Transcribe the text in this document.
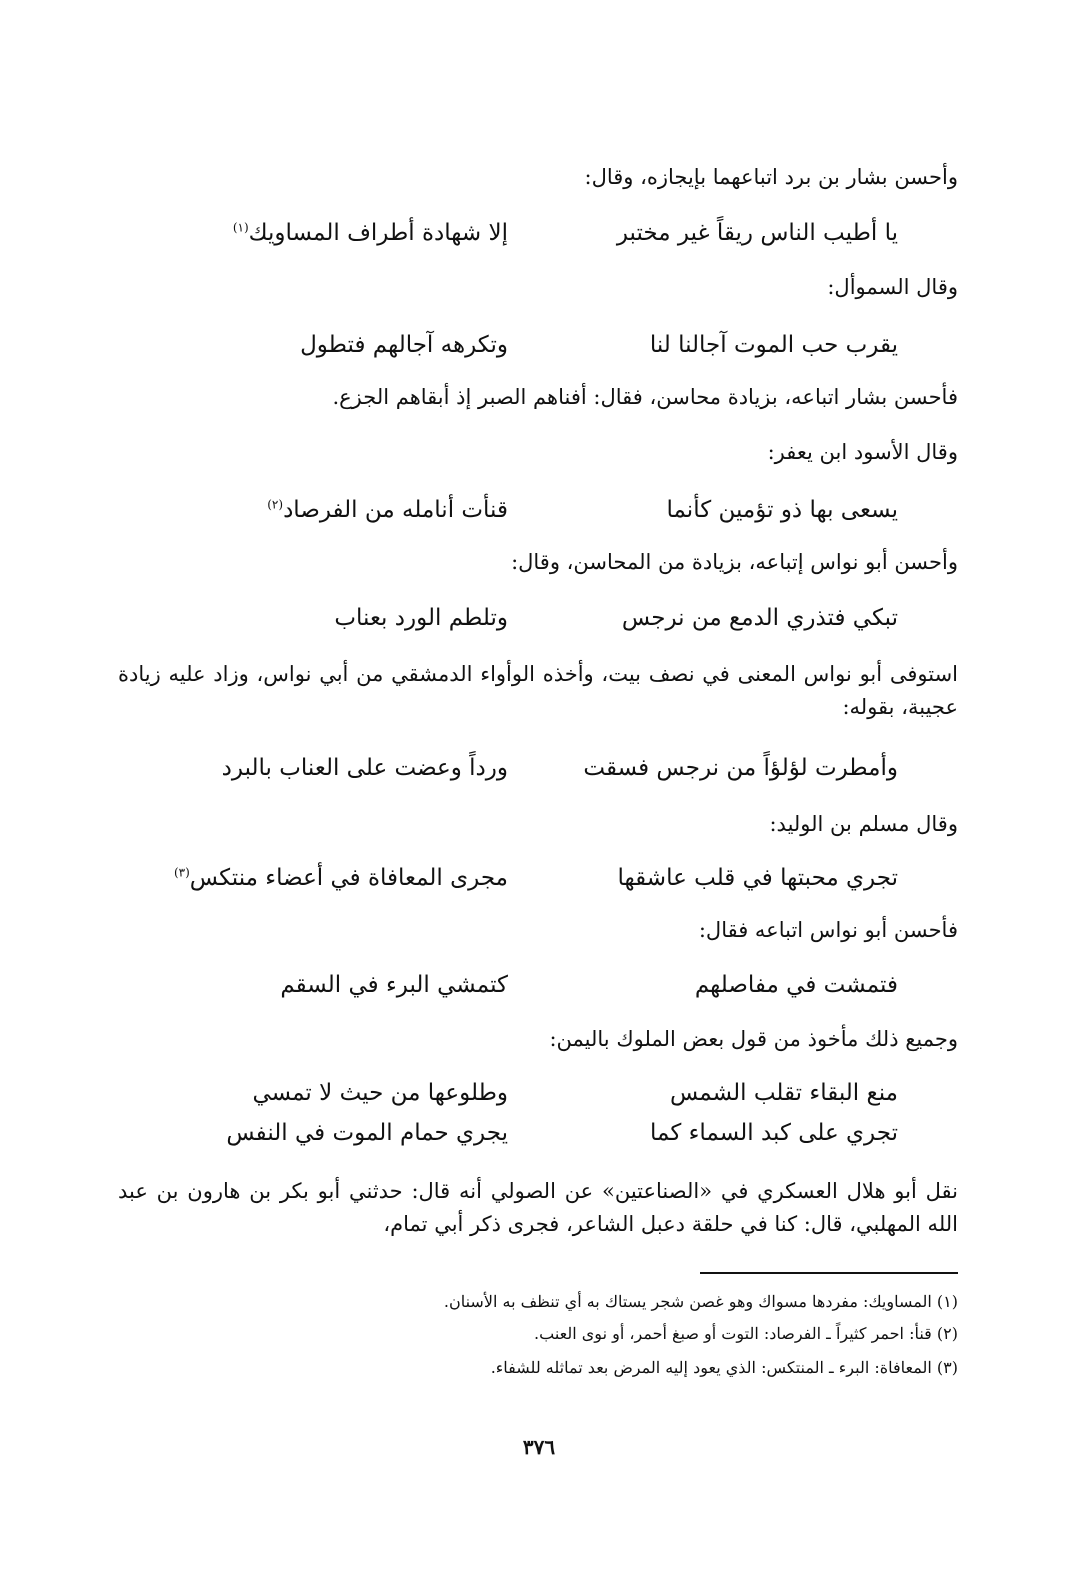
وأحسن بشار بن برد اتباعهما بإيجازه، وقال:
يا أطيب الناس ريقاً غير مختبر
إلا شهادة أطراف المساويك$^{(١)}$
وقال السموأل:
يقرب حب الموت آجالنا لنا
وتكرهه آجالهم فتطول
فأحسن بشار اتباعه، بزيادة محاسن، فقال: أفناهم الصبر إذ أبقاهم الجزع.
وقال الأسود ابن يعفر:
يسعى بها ذو تؤمين كأنما
قنأت أنامله من الفرصاد$^{(٢)}$
وأحسن أبو نواس إتباعه، بزيادة من المحاسن، وقال:
تبكي فتذري الدمع من نرجس
وتلطم الورد بعناب
استوفى أبو نواس المعنى في نصف بيت، وأخذه الوأواء الدمشقي من أبي نواس، وزاد عليه زيادة عجيبة، بقوله:
وأمطرت لؤلؤاً من نرجس فسقت
ورداً وعضت على العناب بالبرد
وقال مسلم بن الوليد:
تجري محبتها في قلب عاشقها
مجرى المعافاة في أعضاء منتكس$^{(٣)}$
فأحسن أبو نواس اتباعه فقال:
فتمشت في مفاصلهم
كتمشي البرء في السقم
وجميع ذلك مأخوذ من قول بعض الملوك باليمن:
منع البقاء تقلب الشمس
وطلوعها من حيث لا تمسي
تجري على كبد السماء كما
يجري حمام الموت في النفس
نقل أبو هلال العسكري في «الصناعتين» عن الصولي أنه قال: حدثني أبو بكر بن هارون بن عبد الله المهلبي، قال: كنا في حلقة دعبل الشاعر، فجرى ذكر أبي تمام،
(١) المساويك: مفردها مسواك وهو غصن شجر يستاك به أي تنظف به الأسنان.
(٢) قنأ: احمر كثيراً ـ الفرصاد: التوت أو صبغ أحمر، أو نوى العنب.
(٣) المعافاة: البرء ـ المنتكس: الذي يعود إليه المرض بعد تماثله للشفاء.
٣٧٦
